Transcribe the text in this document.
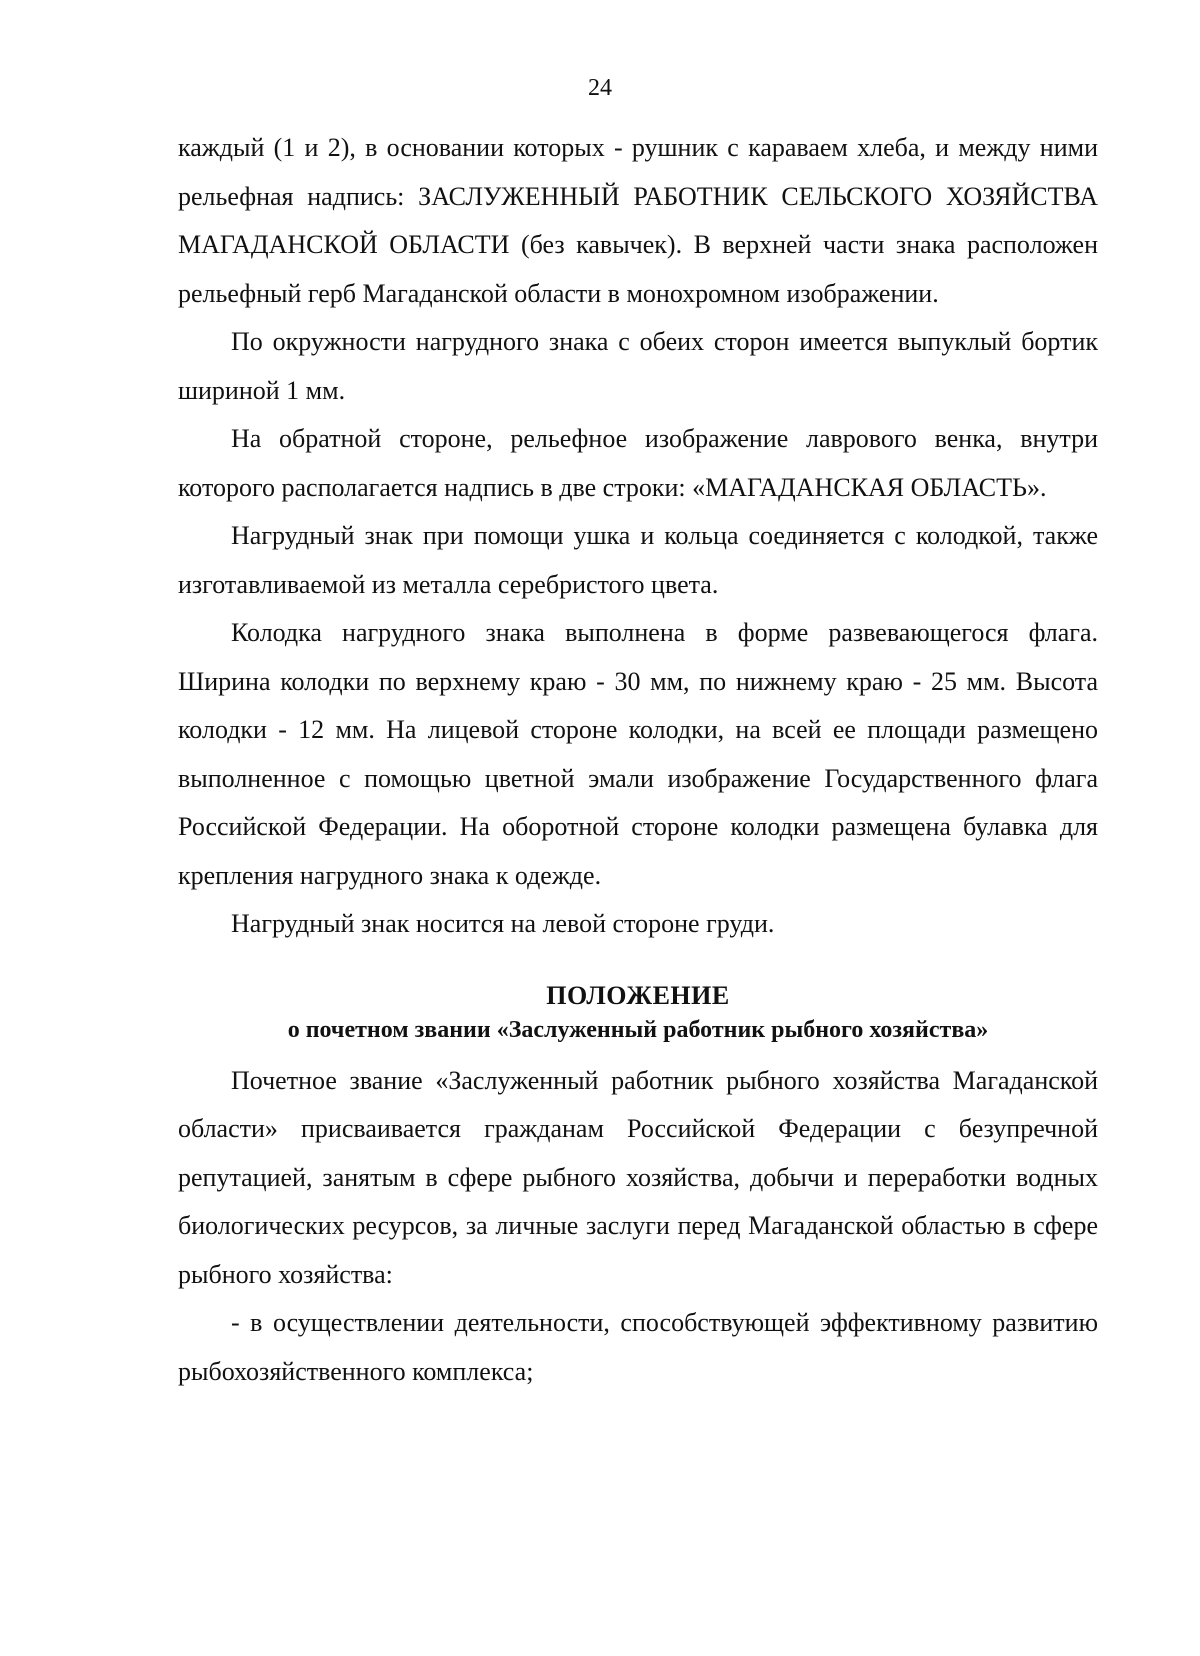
24

каждый (1 и 2), в основании которых - рушник с караваем хлеба, и между ними рельефная надпись: ЗАСЛУЖЕННЫЙ РАБОТНИК СЕЛЬСКОГО ХОЗЯЙСТВА МАГАДАНСКОЙ ОБЛАСТИ (без кавычек). В верхней части знака расположен рельефный герб Магаданской области в монохромном изображении.

По окружности нагрудного знака с обеих сторон имеется выпуклый бортик шириной 1 мм.

На обратной стороне, рельефное изображение лаврового венка, внутри которого располагается надпись в две строки: «МАГАДАНСКАЯ ОБЛАСТЬ».

Нагрудный знак при помощи ушка и кольца соединяется с колодкой, также изготавливаемой из металла серебристого цвета.

Колодка нагрудного знака выполнена в форме развевающегося флага. Ширина колодки по верхнему краю - 30 мм, по нижнему краю - 25 мм. Высота колодки - 12 мм. На лицевой стороне колодки, на всей ее площади размещено выполненное с помощью цветной эмали изображение Государственного флага Российской Федерации. На оборотной стороне колодки размещена булавка для крепления нагрудного знака к одежде.

Нагрудный знак носится на левой стороне груди.

ПОЛОЖЕНИЕ
о почетном звании «Заслуженный работник рыбного хозяйства»

Почетное звание «Заслуженный работник рыбного хозяйства Магаданской области» присваивается гражданам Российской Федерации с безупречной репутацией, занятым в сфере рыбного хозяйства, добычи и переработки водных биологических ресурсов, за личные заслуги перед Магаданской областью в сфере рыбного хозяйства:

- в осуществлении деятельности, способствующей эффективному развитию рыбохозяйственного комплекса;
